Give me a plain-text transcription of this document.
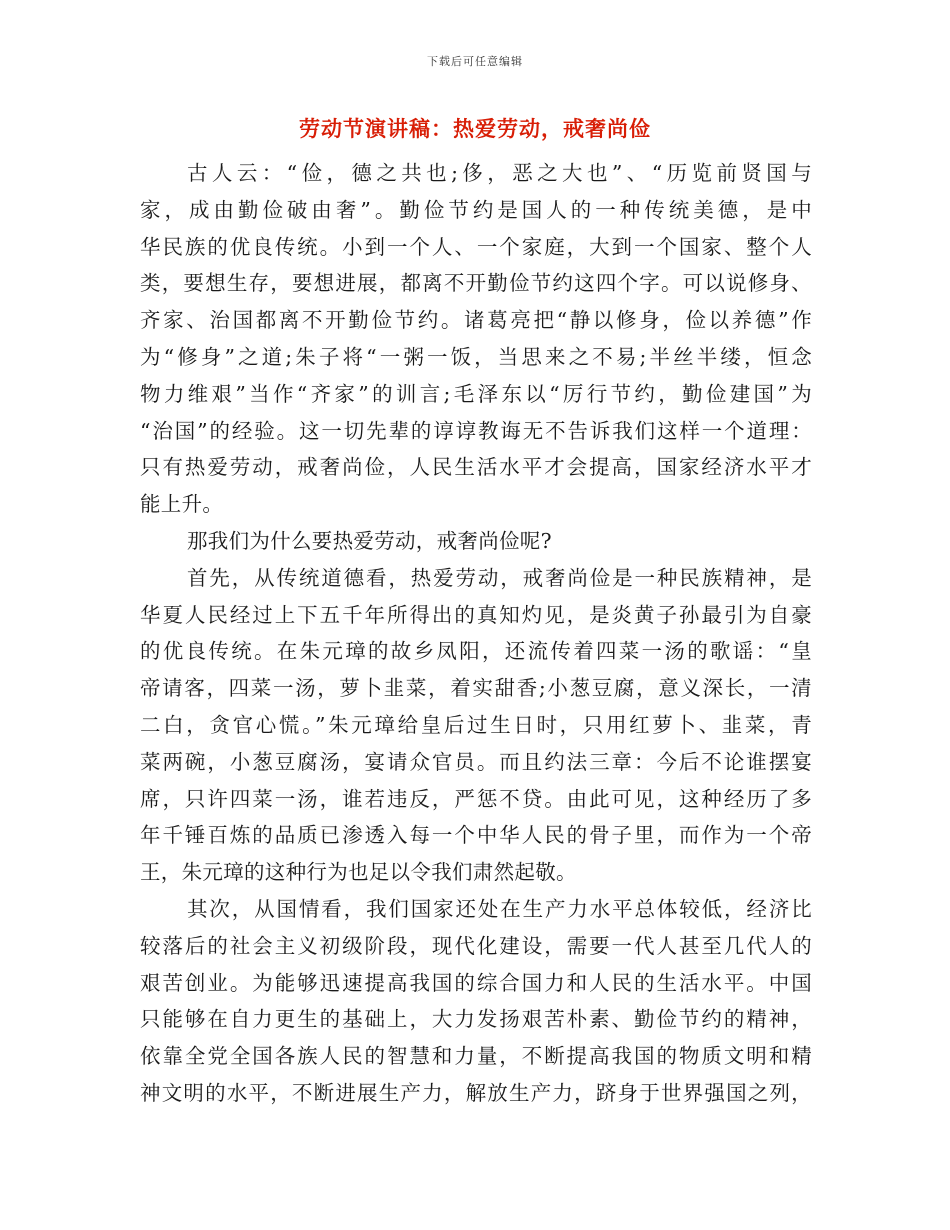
下载后可任意编辑
劳动节演讲稿：热爱劳动，戒奢尚俭
古人云：“俭，德之共也;侈，恶之大也”、“历览前贤国与
家，成由勤俭破由奢”。勤俭节约是国人的一种传统美德，是中
华民族的优良传统。小到一个人、一个家庭，大到一个国家、整个人
类，要想生存，要想进展，都离不开勤俭节约这四个字。可以说修身、
齐家、治国都离不开勤俭节约。诸葛亮把“静以修身，俭以养德”作
为“修身”之道;朱子将“一粥一饭，当思来之不易;半丝半缕，恒念
物力维艰”当作“齐家”的训言;毛泽东以“厉行节约，勤俭建国”为
“治国”的经验。这一切先辈的谆谆教诲无不告诉我们这样一个道理：
只有热爱劳动，戒奢尚俭，人民生活水平才会提高，国家经济水平才
能上升。
那我们为什么要热爱劳动，戒奢尚俭呢?
首先，从传统道德看，热爱劳动，戒奢尚俭是一种民族精神，是
华夏人民经过上下五千年所得出的真知灼见，是炎黄子孙最引为自豪
的优良传统。在朱元璋的故乡凤阳，还流传着四菜一汤的歌谣：“皇
帝请客，四菜一汤，萝卜韭菜，着实甜香;小葱豆腐，意义深长，一清
二白，贪官心慌。”朱元璋给皇后过生日时，只用红萝卜、韭菜，青
菜两碗，小葱豆腐汤，宴请众官员。而且约法三章：今后不论谁摆宴
席，只许四菜一汤，谁若违反，严惩不贷。由此可见，这种经历了多
年千锤百炼的品质已渗透入每一个中华人民的骨子里，而作为一个帝
王，朱元璋的这种行为也足以令我们肃然起敬。
其次，从国情看，我们国家还处在生产力水平总体较低，经济比
较落后的社会主义初级阶段，现代化建设，需要一代人甚至几代人的
艰苦创业。为能够迅速提高我国的综合国力和人民的生活水平。中国
只能够在自力更生的基础上，大力发扬艰苦朴素、勤俭节约的精神，
依靠全党全国各族人民的智慧和力量，不断提高我国的物质文明和精
神文明的水平，不断进展生产力，解放生产力，跻身于世界强国之列，
